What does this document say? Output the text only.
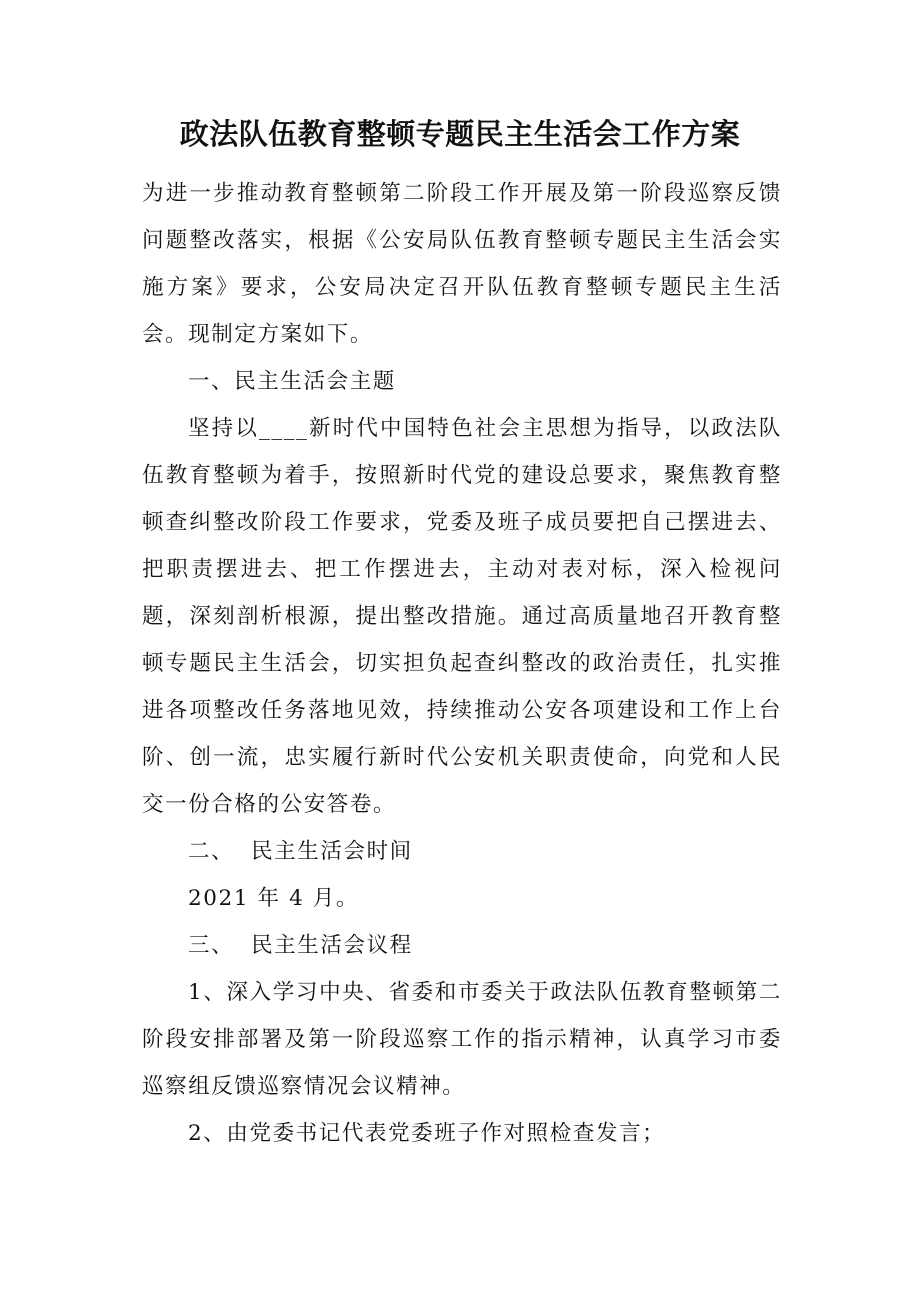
政法队伍教育整顿专题民主生活会工作方案

为进一步推动教育整顿第二阶段工作开展及第一阶段巡察反馈问题整改落实，根据《公安局队伍教育整顿专题民主生活会实施方案》要求，公安局决定召开队伍教育整顿专题民主生活会。现制定方案如下。

一、民主生活会主题

坚持以____新时代中国特色社会主思想为指导，以政法队伍教育整顿为着手，按照新时代党的建设总要求，聚焦教育整顿查纠整改阶段工作要求，党委及班子成员要把自己摆进去、把职责摆进去、把工作摆进去，主动对表对标，深入检视问题，深刻剖析根源，提出整改措施。通过高质量地召开教育整顿专题民主生活会，切实担负起查纠整改的政治责任，扎实推进各项整改任务落地见效，持续推动公安各项建设和工作上台阶、创一流，忠实履行新时代公安机关职责使命，向党和人民交一份合格的公安答卷。

二、  民主生活会时间

2021 年 4 月。

三、  民主生活会议程

1、深入学习中央、省委和市委关于政法队伍教育整顿第二阶段安排部署及第一阶段巡察工作的指示精神，认真学习市委巡察组反馈巡察情况会议精神。

2、由党委书记代表党委班子作对照检查发言；
